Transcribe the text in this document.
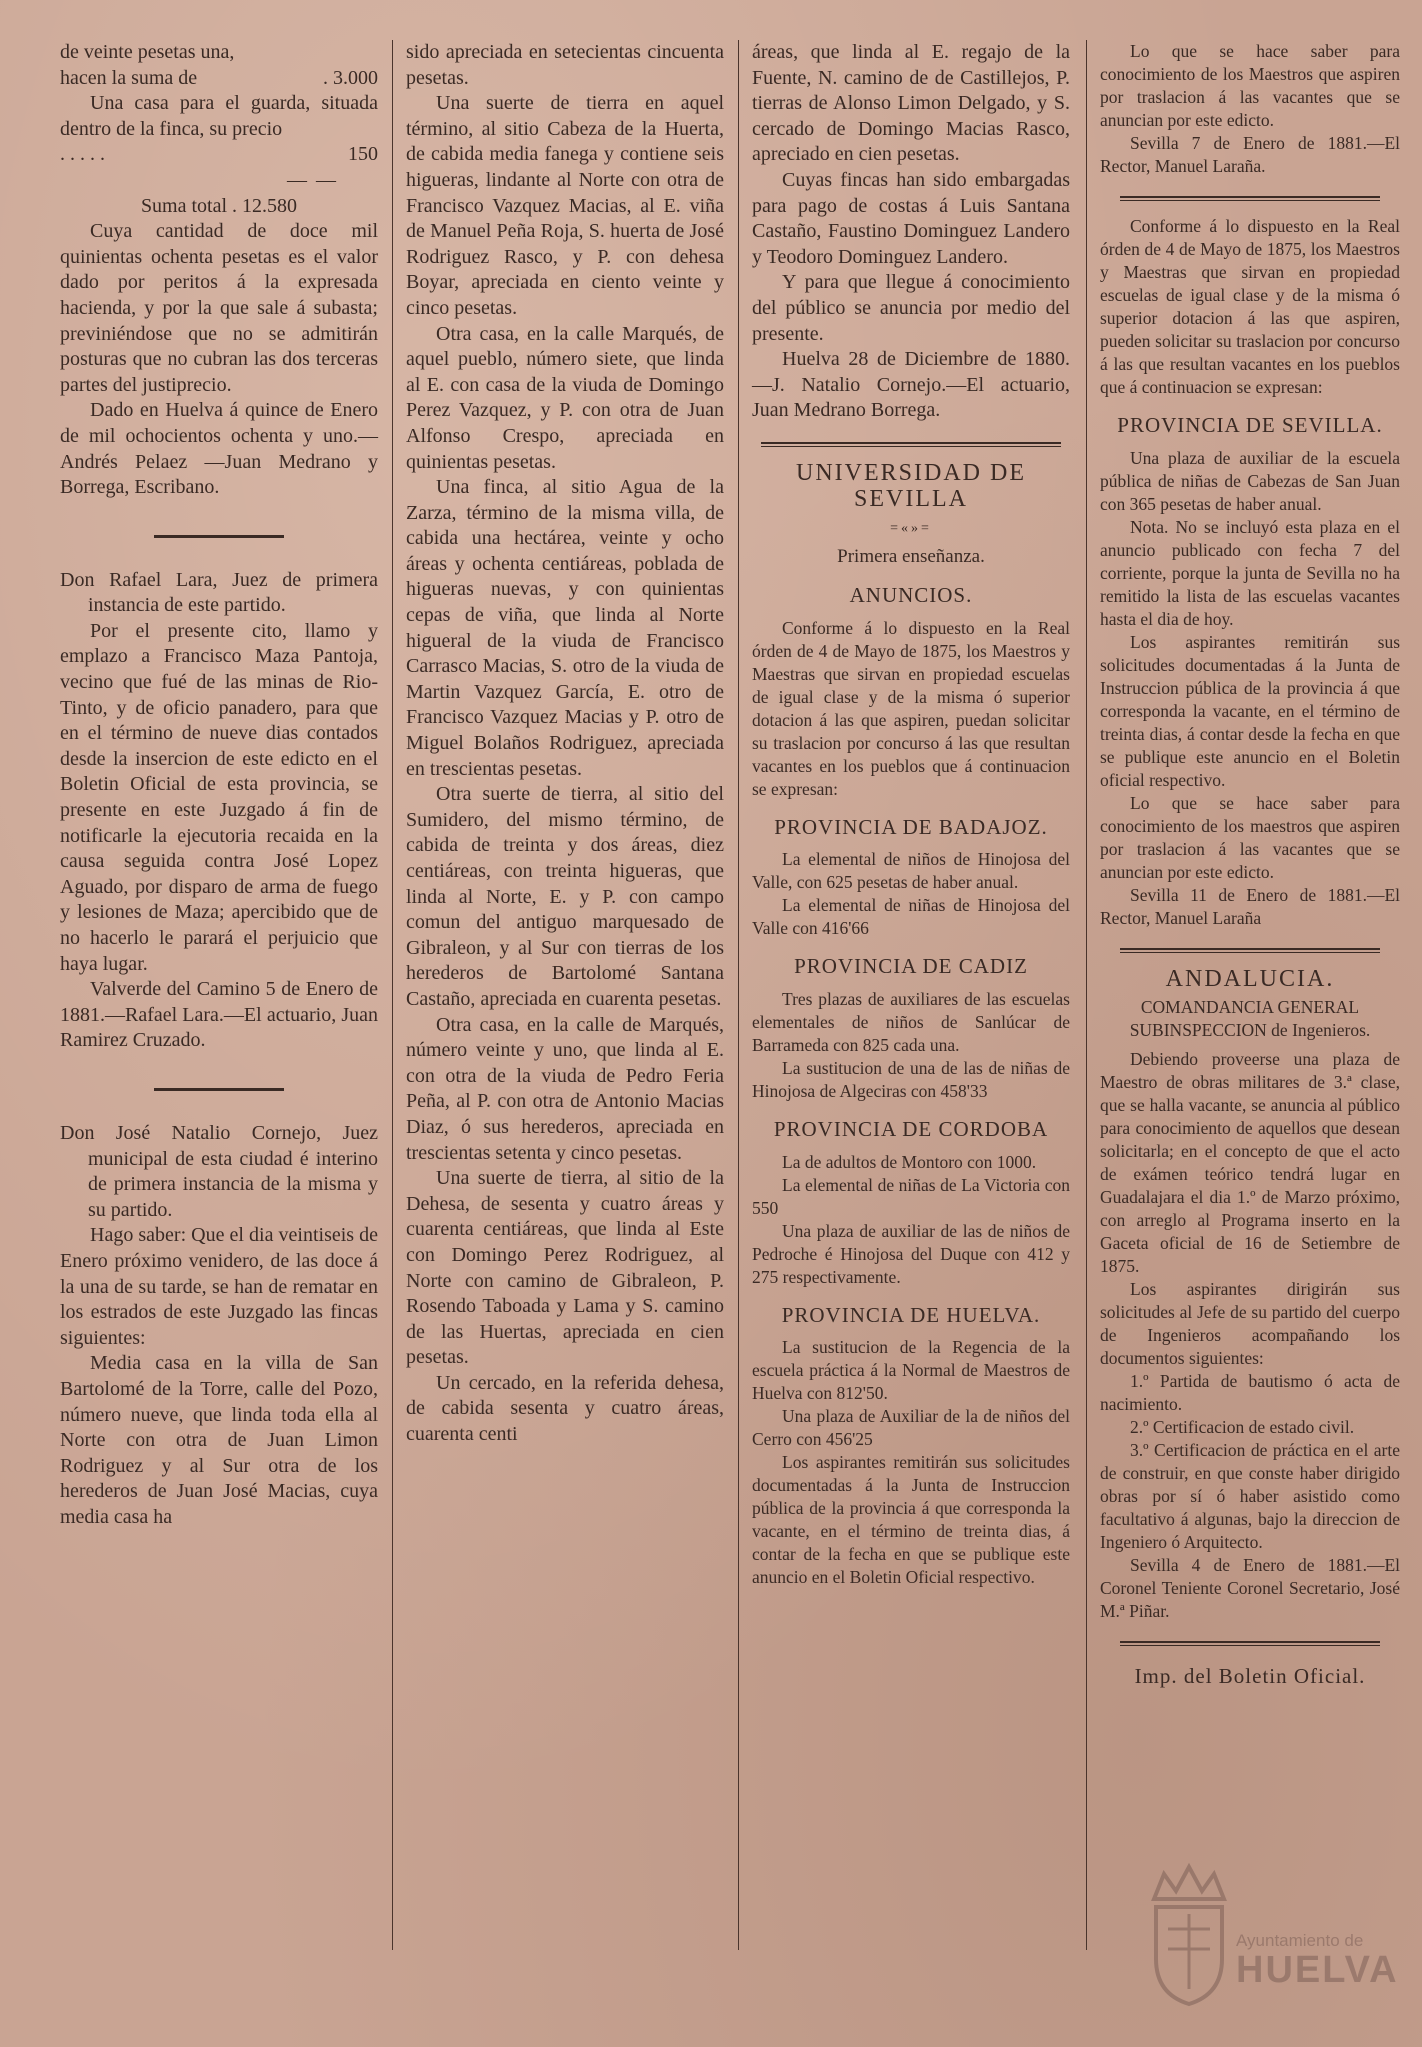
de veinte pesetas una,

hacen la suma de	. 3.000

Una casa para el guarda, situada dentro de la finca, su precio

. . . . .	150

— —

Suma total . 12.580

Cuya cantidad de doce mil quinientas ochenta pesetas es el valor dado por peritos á la expresada hacienda, y por la que sale á subasta; previniéndose que no se admitirán posturas que no cubran las dos terceras partes del justiprecio.

Dado en Huelva á quince de Enero de mil ochocientos ochenta y uno.—Andrés Pelaez —Juan Medrano y Borrega, Escribano.

Don Rafael Lara, Juez de primera instancia de este partido.

Por el presente cito, llamo y emplazo a Francisco Maza Pantoja, vecino que fué de las minas de Rio-Tinto, y de oficio panadero, para que en el término de nueve dias contados desde la insercion de este edicto en el Boletin Oficial de esta provincia, se presente en este Juzgado á fin de notificarle la ejecutoria recaida en la causa seguida contra José Lopez Aguado, por disparo de arma de fuego y lesiones de Maza; apercibido que de no hacerlo le parará el perjuicio que haya lugar.

Valverde del Camino 5 de Enero de 1881.—Rafael Lara.—El actuario, Juan Ramirez Cruzado.

Don José Natalio Cornejo, Juez municipal de esta ciudad é interino de primera instancia de la misma y su partido.

Hago saber: Que el dia veintiseis de Enero próximo venidero, de las doce á la una de su tarde, se han de rematar en los estrados de este Juzgado las fincas siguientes:

Media casa en la villa de San Bartolomé de la Torre, calle del Pozo, número nueve, que linda toda ella al Norte con otra de Juan Limon Rodriguez y al Sur otra de los herederos de Juan José Macias, cuya media casa ha

sido apreciada en setecientas cincuenta pesetas.

Una suerte de tierra en aquel término, al sitio Cabeza de la Huerta, de cabida media fanega y contiene seis higueras, lindante al Norte con otra de Francisco Vazquez Macias, al E. viña de Manuel Peña Roja, S. huerta de José Rodriguez Rasco, y P. con dehesa Boyar, apreciada en ciento veinte y cinco pesetas.

Otra casa, en la calle Marqués, de aquel pueblo, número siete, que linda al E. con casa de la viuda de Domingo Perez Vazquez, y P. con otra de Juan Alfonso Crespo, apreciada en quinientas pesetas.

Una finca, al sitio Agua de la Zarza, término de la misma villa, de cabida una hectárea, veinte y ocho áreas y ochenta centiáreas, poblada de higueras nuevas, y con quinientas cepas de viña, que linda al Norte higueral de la viuda de Francisco Carrasco Macias, S. otro de la viuda de Martin Vazquez García, E. otro de Francisco Vazquez Macias y P. otro de Miguel Bolaños Rodriguez, apreciada en trescientas pesetas.

Otra suerte de tierra, al sitio del Sumidero, del mismo término, de cabida de treinta y dos áreas, diez centiáreas, con treinta higueras, que linda al Norte, E. y P. con campo comun del antiguo marquesado de Gibraleon, y al Sur con tierras de los herederos de Bartolomé Santana Castaño, apreciada en cuarenta pesetas.

Otra casa, en la calle de Marqués, número veinte y uno, que linda al E. con otra de la viuda de Pedro Feria Peña, al P. con otra de Antonio Macias Diaz, ó sus herederos, apreciada en trescientas setenta y cinco pesetas.

Una suerte de tierra, al sitio de la Dehesa, de sesenta y cuatro áreas y cuarenta centiáreas, que linda al Este con Domingo Perez Rodriguez, al Norte con camino de Gibraleon, P. Rosendo Taboada y Lama y S. camino de las Huertas, apreciada en cien pesetas.

Un cercado, en la referida dehesa, de cabida sesenta y cuatro áreas, cuarenta centi

áreas, que linda al E. regajo de la Fuente, N. camino de de Castillejos, P. tierras de Alonso Limon Delgado, y S. cercado de Domingo Macias Rasco, apreciado en cien pesetas.

Cuyas fincas han sido embargadas para pago de costas á Luis Santana Castaño, Faustino Dominguez Landero y Teodoro Dominguez Landero.

Y para que llegue á conocimiento del público se anuncia por medio del presente.

Huelva 28 de Diciembre de 1880.—J. Natalio Cornejo.—El actuario, Juan Medrano Borrega.

UNIVERSIDAD DE SEVILLA
=«»=
Primera enseñanza.
ANUNCIOS.

Conforme á lo dispuesto en la Real órden de 4 de Mayo de 1875, los Maestros y Maestras que sirvan en propiedad escuelas de igual clase y de la misma ó superior dotacion á las que aspiren, puedan solicitar su traslacion por concurso á las que resultan vacantes en los pueblos que á continuacion se expresan:

PROVINCIA DE BADAJOZ.

La elemental de niños de Hinojosa del Valle, con 625 pesetas de haber anual.

La elemental de niñas de Hinojosa del Valle con 416'66

PROVINCIA DE CADIZ

Tres plazas de auxiliares de las escuelas elementales de niños de Sanlúcar de Barrameda con 825 cada una.

La sustitucion de una de las de niñas de Hinojosa de Algeciras con 458'33

PROVINCIA DE CORDOBA

La de adultos de Montoro con 1000.

La elemental de niñas de La Victoria con 550

Una plaza de auxiliar de las de niños de Pedroche é Hinojosa del Duque con 412 y 275 respectivamente.

PROVINCIA DE HUELVA.

La sustitucion de la Regencia de la escuela práctica á la Normal de Maestros de Huelva con 812'50.

Una plaza de Auxiliar de la de niños del Cerro con 456'25

Los aspirantes remitirán sus solicitudes documentadas á la Junta de Instruccion pública de la provincia á que corresponda la vacante, en el término de treinta dias, á contar de la fecha en que se publique este anuncio en el Boletin Oficial respectivo.

Lo que se hace saber para conocimiento de los Maestros que aspiren por traslacion á las vacantes que se anuncian por este edicto.

Sevilla 7 de Enero de 1881.—El Rector, Manuel Laraña.

Conforme á lo dispuesto en la Real órden de 4 de Mayo de 1875, los Maestros y Maestras que sirvan en propiedad escuelas de igual clase y de la misma ó superior dotacion á las que aspiren, pueden solicitar su traslacion por concurso á las que resultan vacantes en los pueblos que á continuacion se expresan:

PROVINCIA DE SEVILLA.

Una plaza de auxiliar de la escuela pública de niñas de Cabezas de San Juan con 365 pesetas de haber anual.

Nota. No se incluyó esta plaza en el anuncio publicado con fecha 7 del corriente, porque la junta de Sevilla no ha remitido la lista de las escuelas vacantes hasta el dia de hoy.

Los aspirantes remitirán sus solicitudes documentadas á la Junta de Instruccion pública de la provincia á que corresponda la vacante, en el término de treinta dias, á contar desde la fecha en que se publique este anuncio en el Boletin oficial respectivo.

Lo que se hace saber para conocimiento de los maestros que aspiren por traslacion á las vacantes que se anuncian por este edicto.

Sevilla 11 de Enero de 1881.—El Rector, Manuel Laraña

ANDALUCIA.
COMANDANCIA GENERAL SUBINSPECCION de Ingenieros.

Debiendo proveerse una plaza de Maestro de obras militares de 3.ª clase, que se halla vacante, se anuncia al público para conocimiento de aquellos que desean solicitarla; en el concepto de que el acto de exámen teórico tendrá lugar en Guadalajara el dia 1.º de Marzo próximo, con arreglo al Programa inserto en la Gaceta oficial de 16 de Setiembre de 1875.

Los aspirantes dirigirán sus solicitudes al Jefe de su partido del cuerpo de Ingenieros acompañando los documentos siguientes:

1.º Partida de bautismo ó acta de nacimiento.

2.º Certificacion de estado civil.

3.º Certificacion de práctica en el arte de construir, en que conste haber dirigido obras por sí ó haber asistido como facultativo á algunas, bajo la direccion de Ingeniero ó Arquitecto.

Sevilla 4 de Enero de 1881.—El Coronel Teniente Coronel Secretario, José M.ª Piñar.

Imp. del Boletin Oficial.
Ayuntamiento de
HUELVA
